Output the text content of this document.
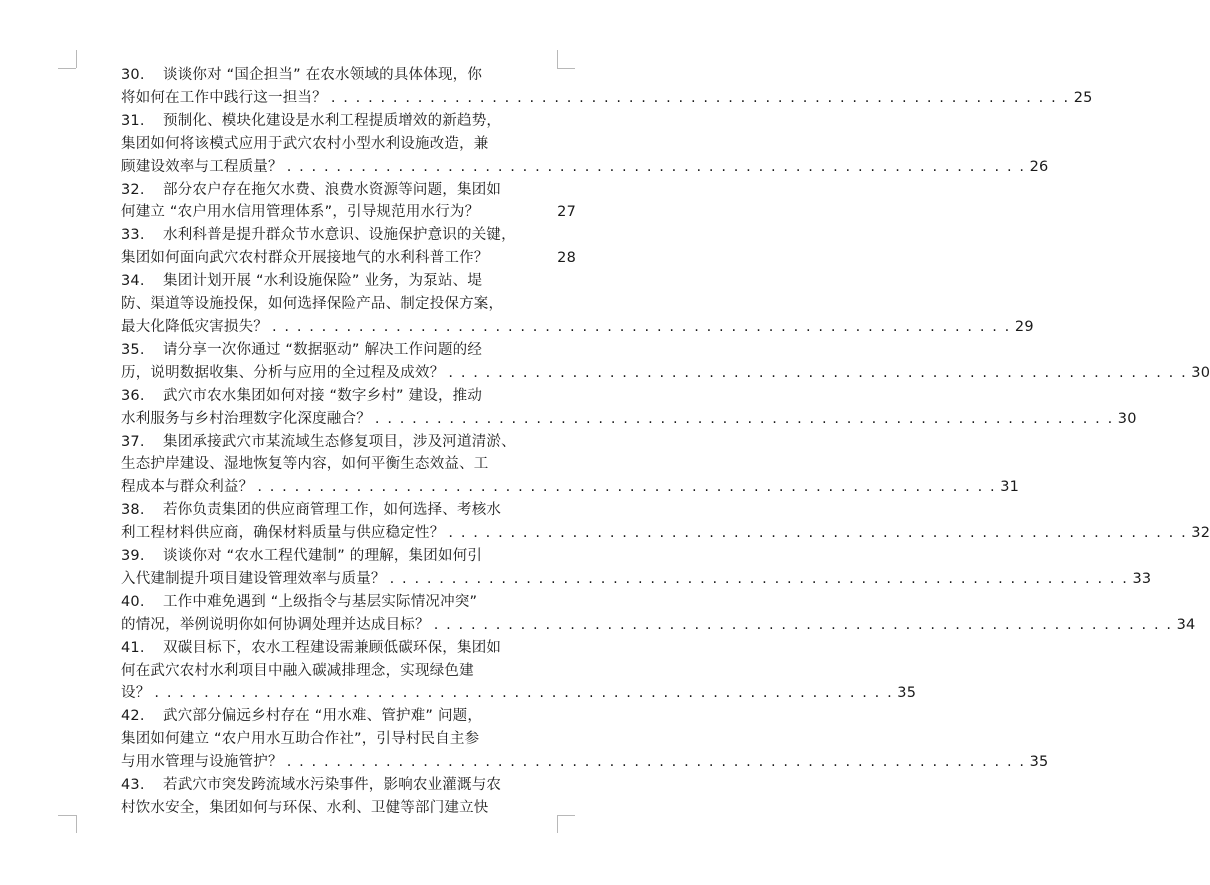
30. 谈谈你对 “国企担当” 在农水领域的具体体现，你
将如何在工作中践行这一担当？ . . . . . . . . . . . . . . . . . . . . . . . . . . . . . . . . . . . . . . . . . . . . . . . . . . . . . . . . . . . . 25
31. 预制化、模块化建设是水利工程提质增效的新趋势，
集团如何将该模式应用于武穴农村小型水利设施改造，兼
顾建设效率与工程质量？ . . . . . . . . . . . . . . . . . . . . . . . . . . . . . . . . . . . . . . . . . . . . . . . . . . . . . . . . . . . . 26
32. 部分农户存在拖欠水费、浪费水资源等问题，集团如
何建立 “农户用水信用管理体系”，引导规范用水行为？	27
33. 水利科普是提升群众节水意识、设施保护意识的关键，
集团如何面向武穴农村群众开展接地气的水利科普工作？	28
34. 集团计划开展 “水利设施保险” 业务，为泵站、堤
防、渠道等设施投保，如何选择保险产品、制定投保方案，
最大化降低灾害损失？ . . . . . . . . . . . . . . . . . . . . . . . . . . . . . . . . . . . . . . . . . . . . . . . . . . . . . . . . . . . . 29
35. 请分享一次你通过 “数据驱动” 解决工作问题的经
历，说明数据收集、分析与应用的全过程及成效？ . . . . . . . . . . . . . . . . . . . . . . . . . . . . . . . . . . . . . . . . . . . . . . . . . . . . . . . . . . . . 30
36. 武穴市农水集团如何对接 “数字乡村” 建设，推动
水利服务与乡村治理数字化深度融合？ . . . . . . . . . . . . . . . . . . . . . . . . . . . . . . . . . . . . . . . . . . . . . . . . . . . . . . . . . . . . 30
37. 集团承接武穴市某流域生态修复项目，涉及河道清淤、
生态护岸建设、湿地恢复等内容，如何平衡生态效益、工
程成本与群众利益？ . . . . . . . . . . . . . . . . . . . . . . . . . . . . . . . . . . . . . . . . . . . . . . . . . . . . . . . . . . . . 31
38. 若你负责集团的供应商管理工作，如何选择、考核水
利工程材料供应商，确保材料质量与供应稳定性？ . . . . . . . . . . . . . . . . . . . . . . . . . . . . . . . . . . . . . . . . . . . . . . . . . . . . . . . . . . . . 32
39. 谈谈你对 “农水工程代建制” 的理解，集团如何引
入代建制提升项目建设管理效率与质量？ . . . . . . . . . . . . . . . . . . . . . . . . . . . . . . . . . . . . . . . . . . . . . . . . . . . . . . . . . . . . 33
40. 工作中难免遇到 “上级指令与基层实际情况冲突”
的情况，举例说明你如何协调处理并达成目标？ . . . . . . . . . . . . . . . . . . . . . . . . . . . . . . . . . . . . . . . . . . . . . . . . . . . . . . . . . . . . 34
41. 双碳目标下，农水工程建设需兼顾低碳环保，集团如
何在武穴农村水利项目中融入碳减排理念，实现绿色建
设？ . . . . . . . . . . . . . . . . . . . . . . . . . . . . . . . . . . . . . . . . . . . . . . . . . . . . . . . . . . . . 35
42. 武穴部分偏远乡村存在 “用水难、管护难” 问题，
集团如何建立 “农户用水互助合作社”，引导村民自主参
与用水管理与设施管护？ . . . . . . . . . . . . . . . . . . . . . . . . . . . . . . . . . . . . . . . . . . . . . . . . . . . . . . . . . . . . 35
43. 若武穴市突发跨流域水污染事件，影响农业灌溉与农
村饮水安全，集团如何与环保、水利、卫健等部门建立快
